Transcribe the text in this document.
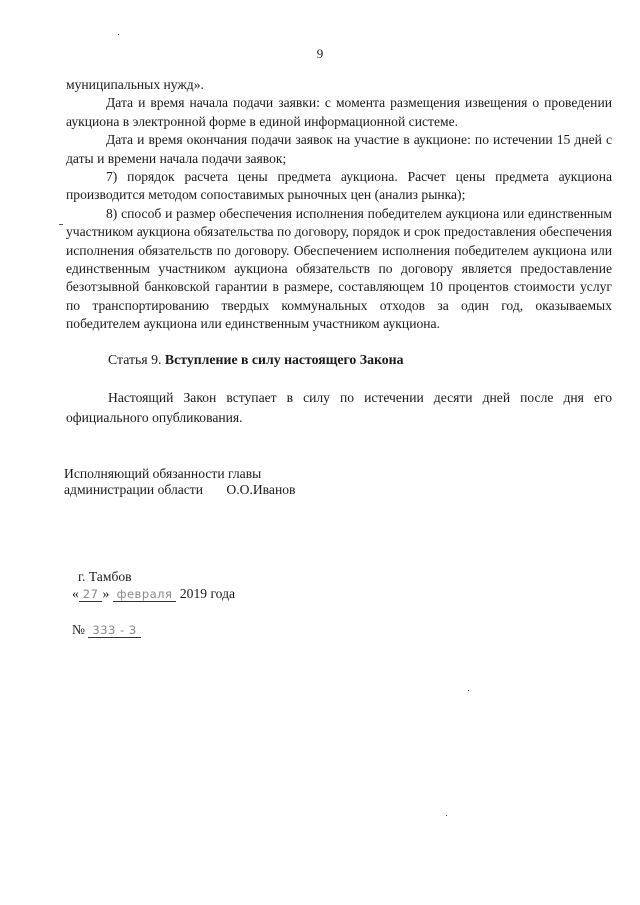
9

муниципальных нужд».

Дата и время начала подачи заявки: с момента размещения извещения о проведении аукциона в электронной форме в единой информационной системе.

Дата и время окончания подачи заявок на участие в аукционе: по истечении 15 дней с даты и времени начала подачи заявок;

7) порядок расчета цены предмета аукциона. Расчет цены предмета аукциона производится методом сопоставимых рыночных цен (анализ рынка);

8) способ и размер обеспечения исполнения победителем аукциона или единственным участником аукциона обязательства по договору, порядок и срок предоставления обеспечения исполнения обязательств по договору. Обеспечением исполнения победителем аукциона или единственным участником аукциона обязательств по договору является предоставление безотзывной банковской гарантии в размере, составляющем 10 процентов стоимости услуг по транспортированию твердых коммунальных отходов за один год, оказываемых победителем аукциона или единственным участником аукциона.

Статья 9. Вступление в силу настоящего Закона
Настоящий Закон вступает в силу по истечении десяти дней после дня его официального опубликования.
Исполняющий обязанности главы
администрации области О.О.Иванов
г. Тамбов
« 27 » февраля 2019 года
№ 333 - З
